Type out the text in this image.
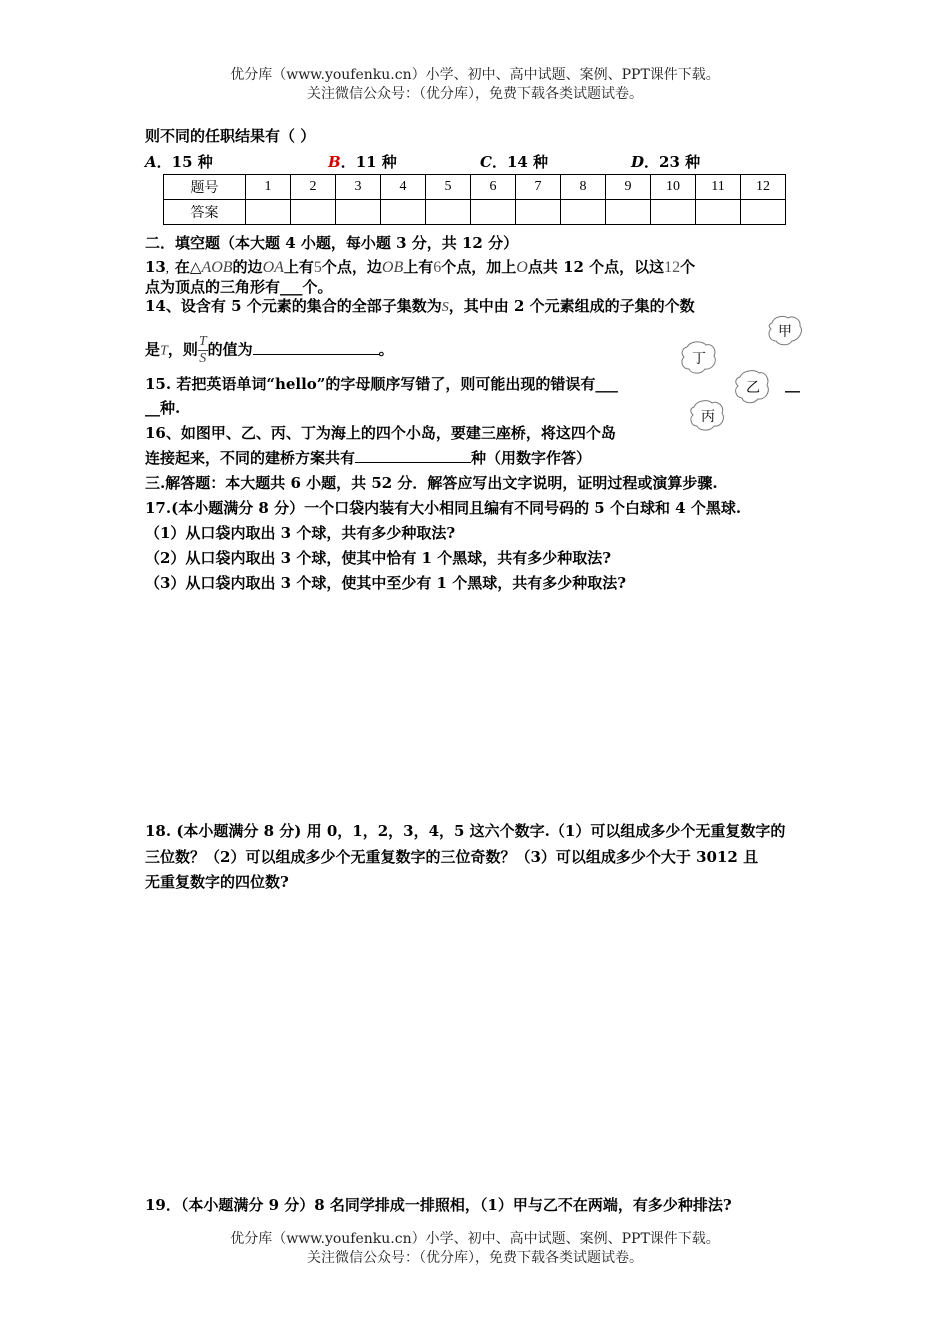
优分库（www.youfenku.cn）小学、初中、高中试题、案例、PPT课件下载。
关注微信公众号：（优分库），免费下载各类试题试卷。
则不同的任职结果有（ ）
A．15 种	B．11 种	C．14 种	D．23 种
题号	1	2	3	4	5	6	7	8	9	10	11	12
答案												
二．填空题（本大题 4 小题，每小题 3 分，共 12 分）
13，在△AOB的边OA上有5个点，边OB上有6个点，加上O点共 12 个点，以这12个
点为顶点的三角形有___个。
14、设含有 5 个元素的集合的全部子集数为S，其中由 2 个元素组成的子集的个数
是T，则 $\frac{T}{S}$ 的值为	。
15. 若把英语单词“hello”的字母顺序写错了，则可能出现的错误有___	__
__种.
16、如图甲、乙、丙、丁为海上的四个小岛，要建三座桥，将这四个岛
连接起来，不同的建桥方案共有	种（用数字作答）
甲
丁
乙
丙
三.解答题：本大题共 6 小题，共 52 分．解答应写出文字说明，证明过程或演算步骤.
17.(本小题满分 8 分）一个口袋内装有大小相同且编有不同号码的 5 个白球和 4 个黑球.
（1）从口袋内取出 3 个球，共有多少种取法?
（2）从口袋内取出 3 个球，使其中恰有 1 个黑球，共有多少种取法?
（3）从口袋内取出 3 个球，使其中至少有 1 个黑球，共有多少种取法?
18. (本小题满分 8 分) 用 0，1，2，3，4，5 这六个数字.（1）可以组成多少个无重复数字的
三位数？（2）可以组成多少个无重复数字的三位奇数？（3）可以组成多少个大于 3012 且
无重复数字的四位数?
19．（本小题满分 9 分）8 名同学排成一排照相，（1）甲与乙不在两端，有多少种排法?
优分库（www.youfenku.cn）小学、初中、高中试题、案例、PPT课件下载。
关注微信公众号：（优分库），免费下载各类试题试卷。
